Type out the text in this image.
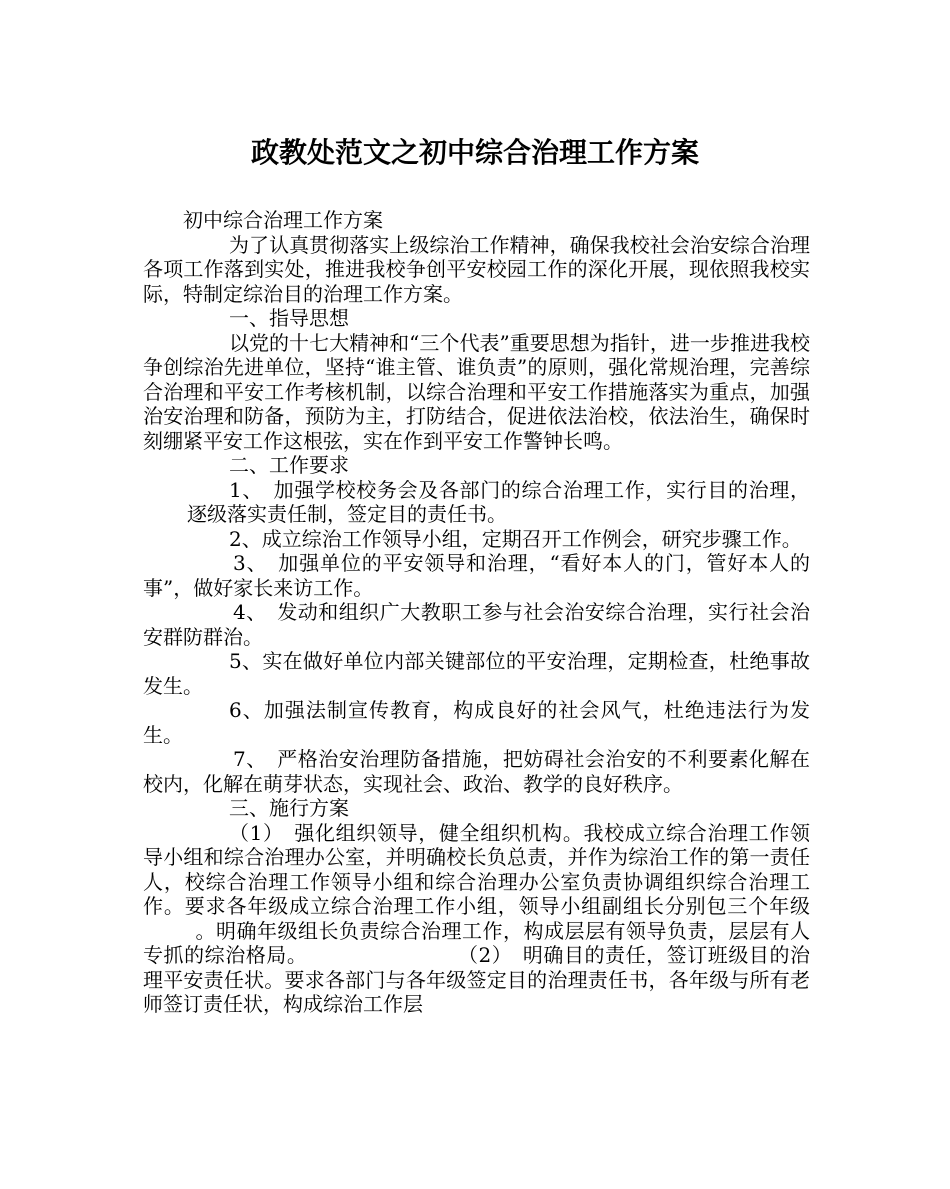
政教处范文之初中综合治理工作方案

初中综合治理工作方案

为了认真贯彻落实上级综治工作精神，确保我校社会治安综合治理各项工作落到实处，推进我校争创平安校园工作的深化开展，现依照我校实际，特制定综治目的治理工作方案。

一、指导思想

以党的十七大精神和“三个代表”重要思想为指针，进一步推进我校争创综治先进单位，坚持“谁主管、谁负责”的原则，强化常规治理，完善综合治理和平安工作考核机制，以综合治理和平安工作措施落实为重点，加强治安治理和防备，预防为主，打防结合，促进依法治校，依法治生，确保时刻绷紧平安工作这根弦，实在作到平安工作警钟长鸣。

二、工作要求

1、　加强学校校务会及各部门的综合治理工作，实行目的治理，逐级落实责任制，签定目的责任书。

2、成立综治工作领导小组，定期召开工作例会，研究步骤工作。

3、　加强单位的平安领导和治理，“看好本人的门，管好本人的事”，做好家长来访工作。

4、　发动和组织广大教职工参与社会治安综合治理，实行社会治安群防群治。

5、实在做好单位内部关键部位的平安治理，定期检查，杜绝事故发生。

6、加强法制宣传教育，构成良好的社会风气，杜绝违法行为发生。

7、　严格治安治理防备措施，把妨碍社会治安的不利要素化解在校内，化解在萌芽状态，实现社会、政治、教学的良好秩序。

三、施行方案

（1）　强化组织领导，健全组织机构。我校成立综合治理工作领导小组和综合治理办公室，并明确校长负总责，并作为综治工作的第一责任人，校综合治理工作领导小组和综合治理办公室负责协调组织综合治理工作。要求各年级成立综合治理工作小组，领导小组副组长分别包三个年级。明确年级组长负责综合治理工作，构成层层有领导负责，层层有人专抓的综治格局。	（2）　明确目的责任，签订班级目的治理平安责任状。要求各部门与各年级签定目的治理责任书，各年级与所有老师签订责任状，构成综治工作层
